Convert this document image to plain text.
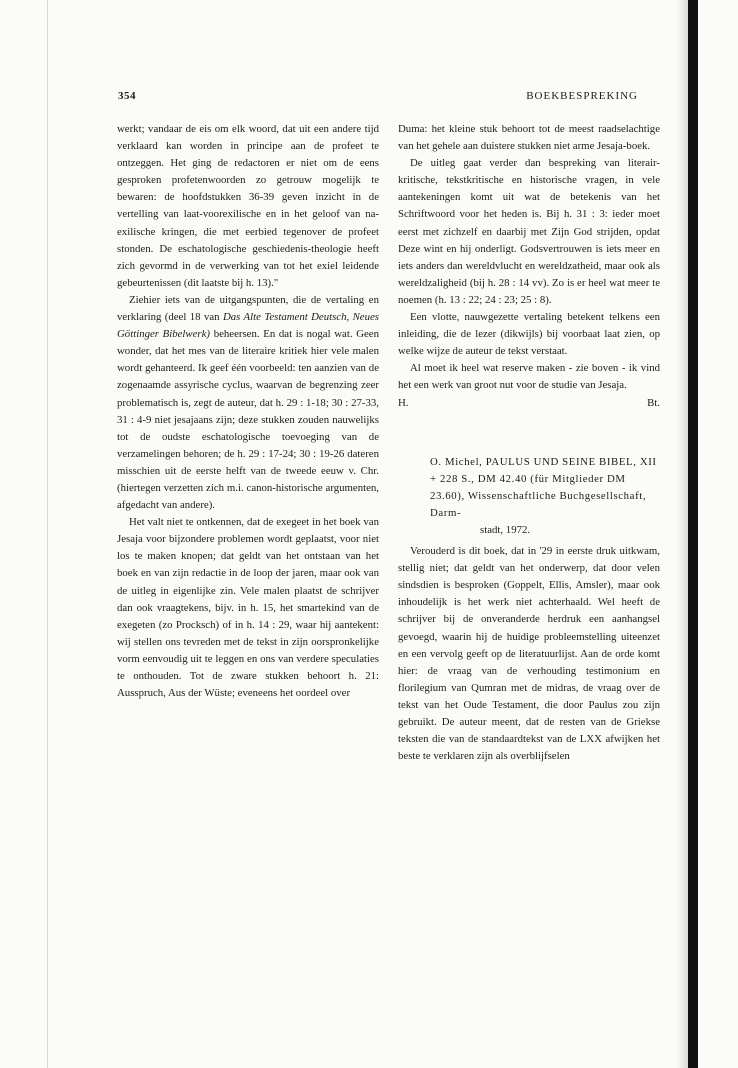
354	BOEKBESPREKING

werkt; vandaar de eis om elk woord, dat uit een andere tijd verklaard kan worden in principe aan de profeet te ontzeggen. Het ging de redactoren er niet om de eens gesproken profetenwoorden zo getrouw mogelijk te bewaren: de hoofdstukken 36-39 geven inzicht in de vertelling van laat-voorexilische en in het geloof van na-exilische kringen, die met eerbied tegenover de profeet stonden. De eschatologische geschiedenis-theologie heeft zich gevormd in de verwerking van tot het exiel leidende gebeurtenissen (dit laatste bij h. 13)."

Ziehier iets van de uitgangspunten, die de vertaling en verklaring (deel 18 van Das Alte Testament Deutsch, Neues Göttinger Bibelwerk) beheersen. En dat is nogal wat. Geen wonder, dat het mes van de literaire kritiek hier vele malen wordt gehanteerd. Ik geef één voorbeeld: ten aanzien van de zogenaamde assyrische cyclus, waarvan de begrenzing zeer problematisch is, zegt de auteur, dat h. 29 : 1-18; 30 : 27-33, 31 : 4-9 niet jesajaans zijn; deze stukken zouden nauwelijks tot de oudste eschatologische toevoeging van de verzamelingen behoren; de h. 29 : 17-24; 30 : 19-26 dateren misschien uit de eerste helft van de tweede eeuw v. Chr. (hiertegen verzetten zich m.i. canon-historische argumenten, afgedacht van andere).

Het valt niet te ontkennen, dat de exegeet in het boek van Jesaja voor bijzondere problemen wordt geplaatst, voor niet los te maken knopen; dat geldt van het ontstaan van het boek en van zijn redactie in de loop der jaren, maar ook van de uitleg in eigenlijke zin. Vele malen plaatst de schrijver dan ook vraagtekens, bijv. in h. 15, het smartekind van de exegeten (zo Procksch) of in h. 14 : 29, waar hij aantekent: wij stellen ons tevreden met de tekst in zijn oorspronkelijke vorm eenvoudig uit te leggen en ons van verdere speculaties te onthouden. Tot de zware stukken behoort h. 21: Ausspruch, Aus der Wüste; eveneens het oordeel over

Duma: het kleine stuk behoort tot de meest raadselachtige van het gehele aan duistere stukken niet arme Jesaja-boek.

De uitleg gaat verder dan bespreking van literair-kritische, tekstkritische en historische vragen, in vele aantekeningen komt uit wat de betekenis van het Schriftwoord voor het heden is. Bij h. 31 : 3: ieder moet eerst met zichzelf en daarbij met Zijn God strijden, opdat Deze wint en hij onderligt. Godsvertrouwen is iets meer en iets anders dan wereldvlucht en wereldzatheid, maar ook als wereldzaligheid (bij h. 28 : 14 vv). Zo is er heel wat meer te noemen (h. 13 : 22; 24 : 23; 25 : 8).

Een vlotte, nauwgezette vertaling betekent telkens een inleiding, die de lezer (dikwijls) bij voorbaat laat zien, op welke wijze de auteur de tekst verstaat.

Al moet ik heel wat reserve maken - zie boven - ik vind het een werk van groot nut voor de studie van Jesaja.

H.	Bt.

O. Michel, PAULUS UND SEINE BIBEL, XII + 228 S., DM 42.40 (für Mitglieder DM 23.60), Wissenschaftliche Buchgesellschaft, Darm-
stadt, 1972.

Verouderd is dit boek, dat in '29 in eerste druk uitkwam, stellig niet; dat geldt van het onderwerp, dat door velen sindsdien is besproken (Goppelt, Ellis, Amsler), maar ook inhoudelijk is het werk niet achterhaald. Wel heeft de schrijver bij de onveranderde herdruk een aanhangsel gevoegd, waarin hij de huidige probleemstelling uiteenzet en een vervolg geeft op de literatuurlijst. Aan de orde komt hier: de vraag van de verhouding testimonium en florilegium van Qumran met de midras, de vraag over de tekst van het Oude Testament, die door Paulus zou zijn gebruikt. De auteur meent, dat de resten van de Griekse teksten die van de standaardtekst van de LXX afwijken het beste te verklaren zijn als overblijfselen
